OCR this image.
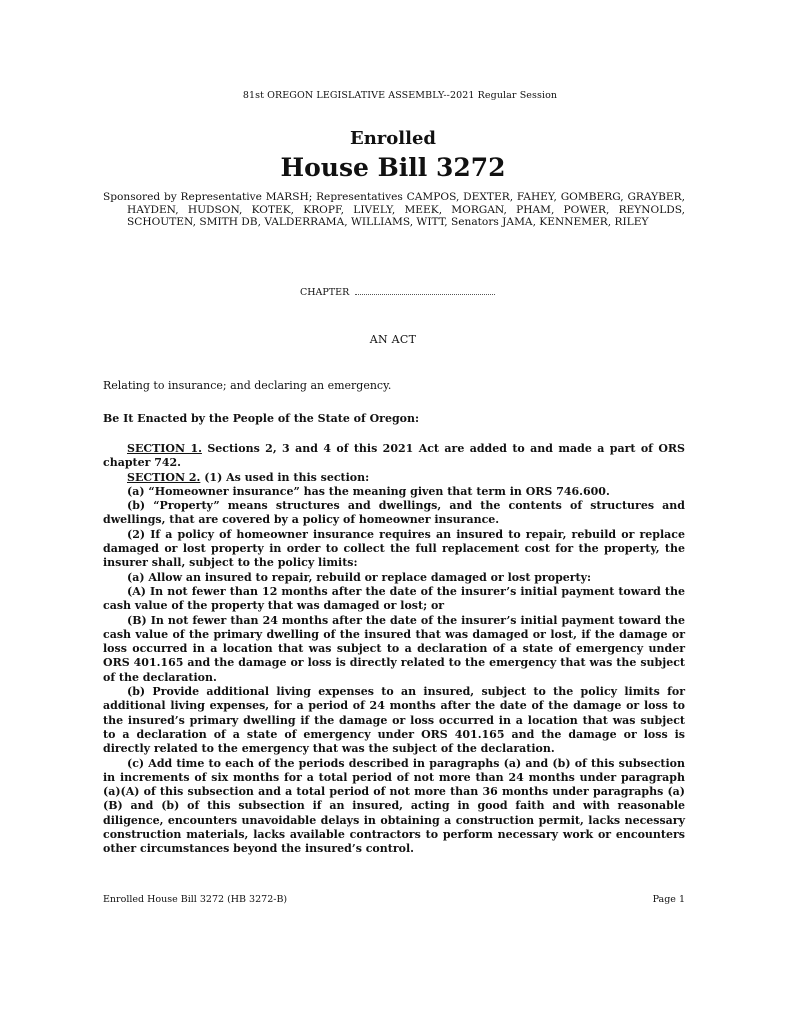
81st OREGON LEGISLATIVE ASSEMBLY--2021 Regular Session
Enrolled
House Bill 3272

Sponsored by Representative MARSH; Representatives CAMPOS, DEXTER, FAHEY, GOMBERG, GRAYBER, HAYDEN, HUDSON, KOTEK, KROPF, LIVELY, MEEK, MORGAN, PHAM, POWER, REYNOLDS, SCHOUTEN, SMITH DB, VALDERRAMA, WILLIAMS, WITT, Senators JAMA, KENNEMER, RILEY

CHAPTER
AN ACT
Relating to insurance; and declaring an emergency.
Be It Enacted by the People of the State of Oregon:

SECTION 1. Sections 2, 3 and 4 of this 2021 Act are added to and made a part of ORS chapter 742.

SECTION 2. (1) As used in this section:

(a) “Homeowner insurance” has the meaning given that term in ORS 746.600.

(b) “Property” means structures and dwellings, and the contents of structures and dwellings, that are covered by a policy of homeowner insurance.

(2) If a policy of homeowner insurance requires an insured to repair, rebuild or replace damaged or lost property in order to collect the full replacement cost for the property, the insurer shall, subject to the policy limits:

(a) Allow an insured to repair, rebuild or replace damaged or lost property:

(A) In not fewer than 12 months after the date of the insurer’s initial payment toward the cash value of the property that was damaged or lost; or

(B) In not fewer than 24 months after the date of the insurer’s initial payment toward the cash value of the primary dwelling of the insured that was damaged or lost, if the damage or loss occurred in a location that was subject to a declaration of a state of emergency under ORS 401.165 and the damage or loss is directly related to the emergency that was the subject of the declaration.

(b) Provide additional living expenses to an insured, subject to the policy limits for additional living expenses, for a period of 24 months after the date of the damage or loss to the insured’s primary dwelling if the damage or loss occurred in a location that was subject to a declaration of a state of emergency under ORS 401.165 and the damage or loss is directly related to the emergency that was the subject of the declaration.

(c) Add time to each of the periods described in paragraphs (a) and (b) of this subsection in increments of six months for a total period of not more than 24 months under paragraph (a)(A) of this subsection and a total period of not more than 36 months under paragraphs (a)(B) and (b) of this subsection if an insured, acting in good faith and with reasonable diligence, encounters unavoidable delays in obtaining a construction permit, lacks necessary construction materials, lacks available contractors to perform necessary work or encounters other circumstances beyond the insured’s control.

Enrolled House Bill 3272 (HB 3272-B)	Page 1
